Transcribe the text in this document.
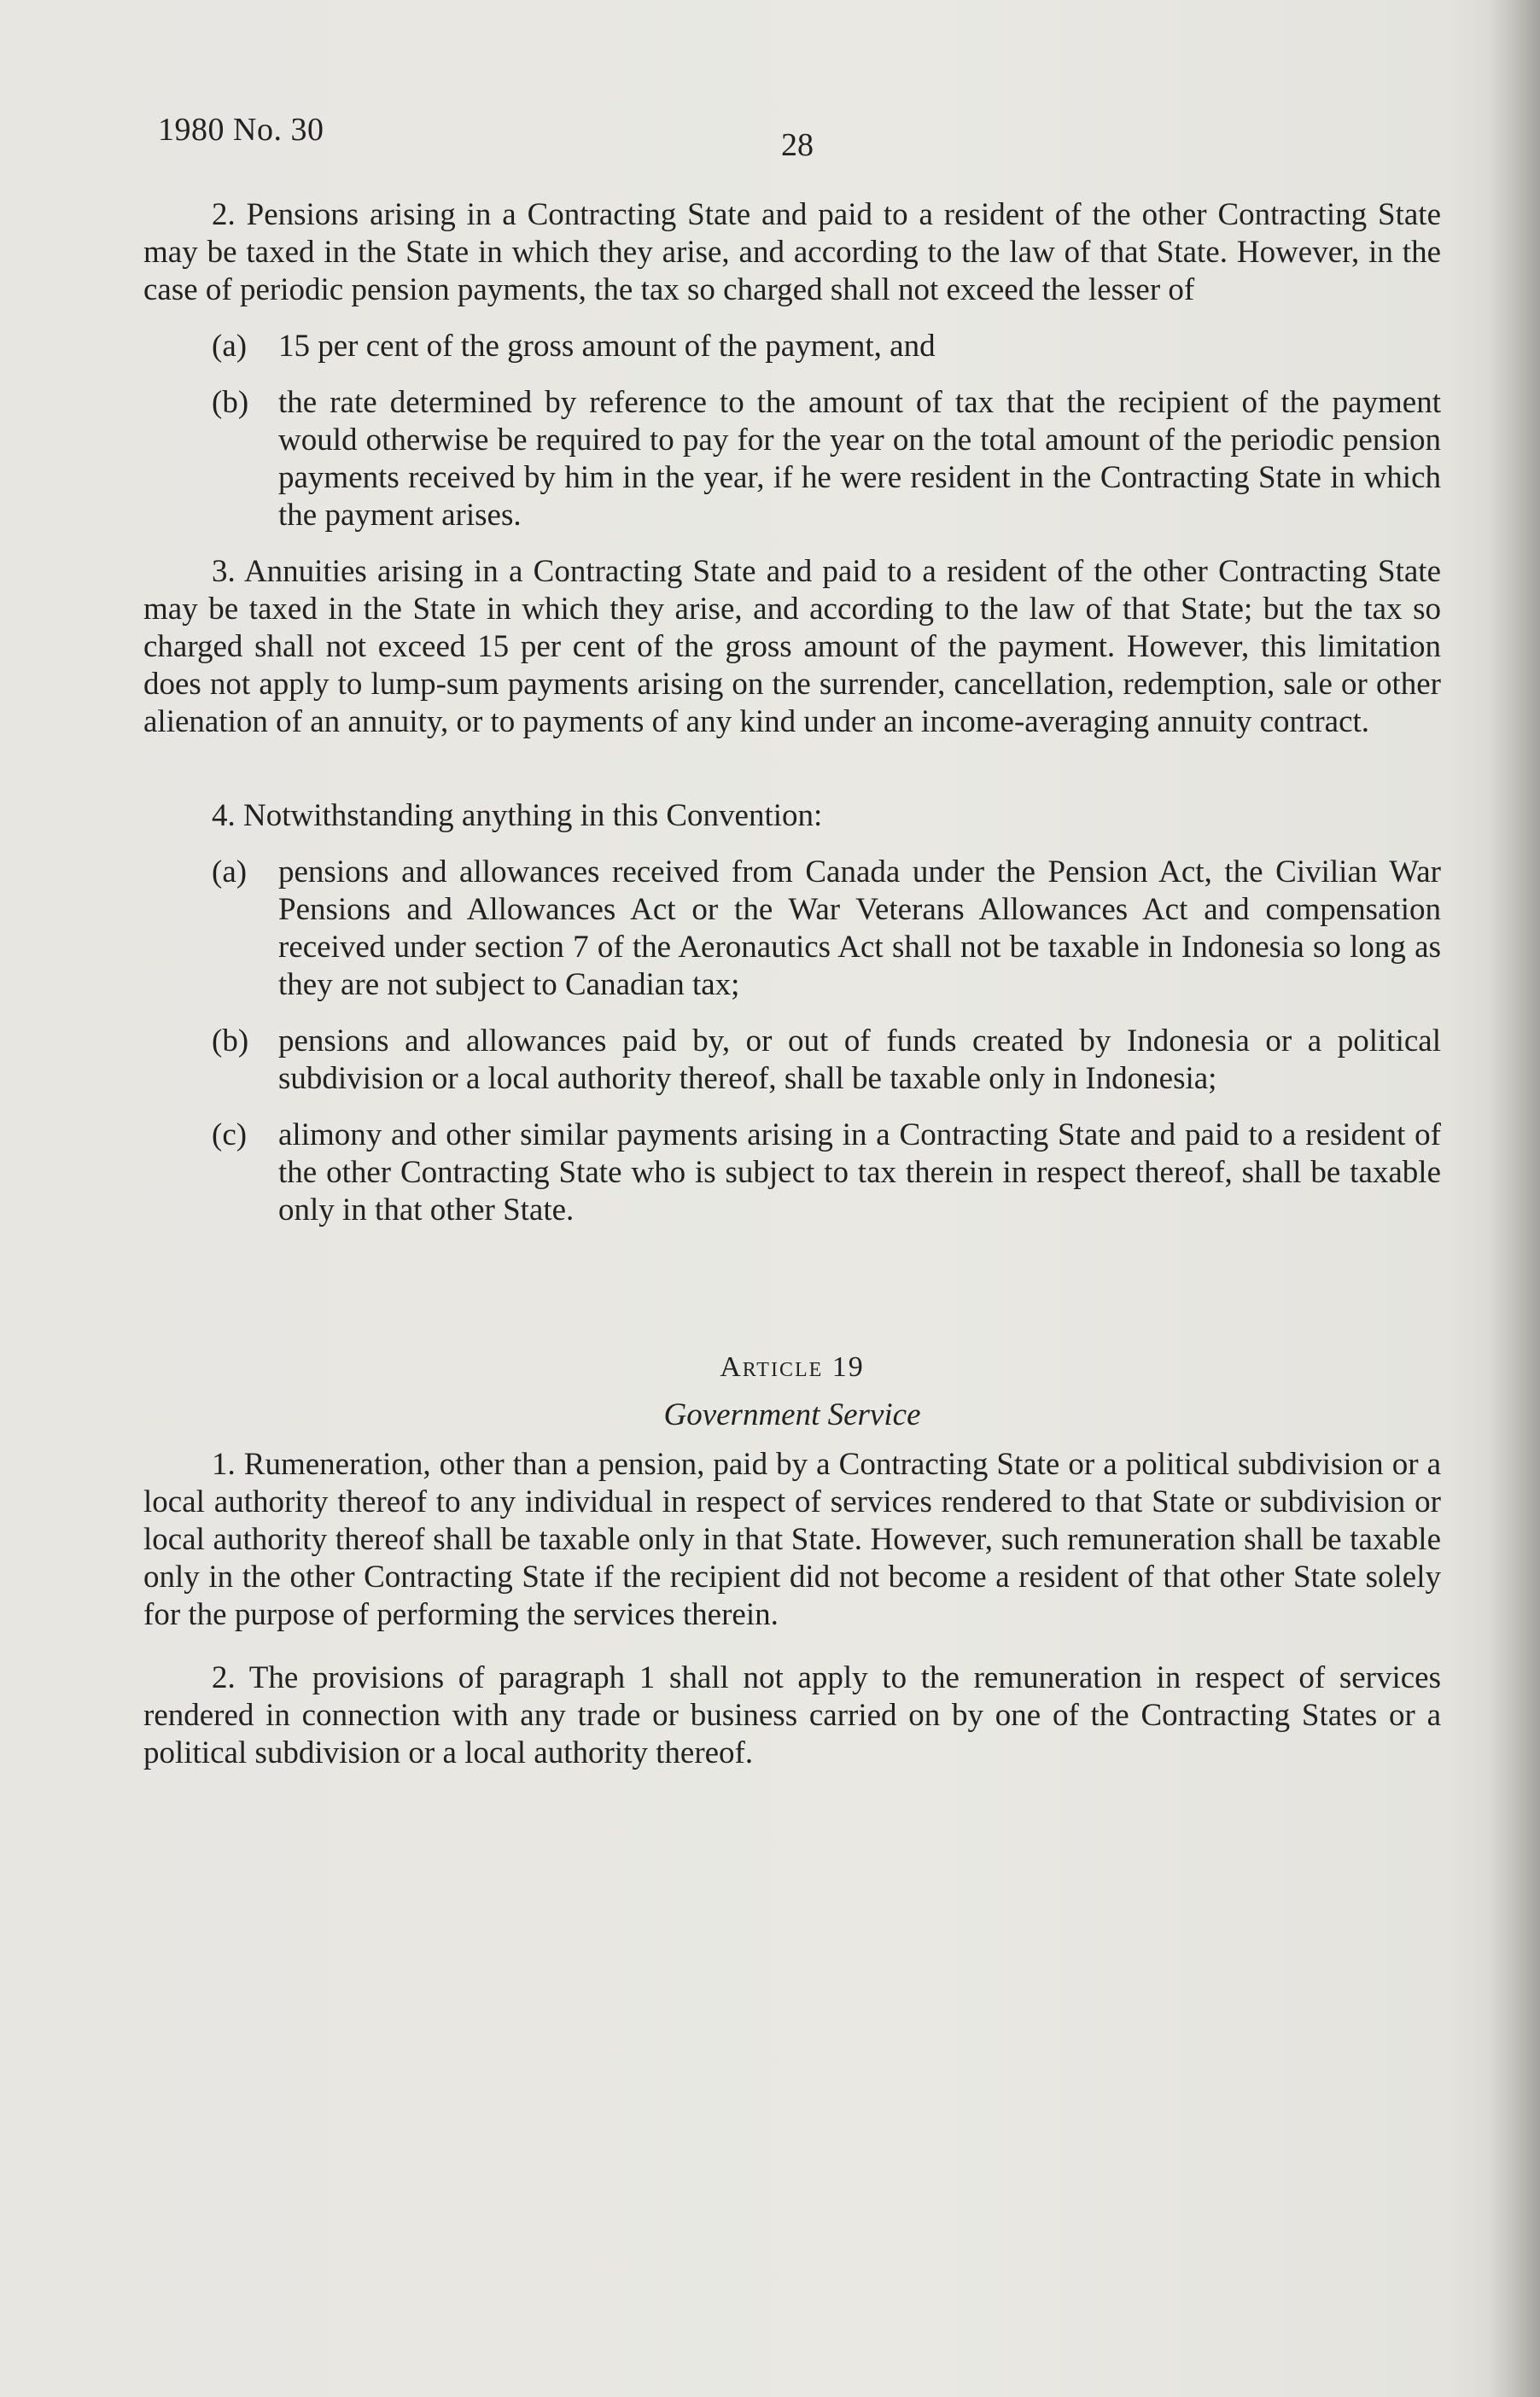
1980 No. 30	28

2. Pensions arising in a Contracting State and paid to a resident of the other Contracting State may be taxed in the State in which they arise, and according to the law of that State. However, in the case of periodic pension payments, the tax so charged shall not exceed the lesser of

(a) 15 per cent of the gross amount of the payment, and
(b) the rate determined by reference to the amount of tax that the recipient of the payment would otherwise be required to pay for the year on the total amount of the periodic pension payments received by him in the year, if he were resident in the Contracting State in which the payment arises.

3. Annuities arising in a Contracting State and paid to a resident of the other Contracting State may be taxed in the State in which they arise, and according to the law of that State; but the tax so charged shall not exceed 15 per cent of the gross amount of the payment. However, this limitation does not apply to lump-sum payments arising on the surrender, cancellation, redemption, sale or other alienation of an annuity, or to payments of any kind under an income-averaging annuity contract.

4. Notwithstanding anything in this Convention:

(a) pensions and allowances received from Canada under the Pension Act, the Civilian War Pensions and Allowances Act or the War Veterans Allowances Act and compensation received under section 7 of the Aeronautics Act shall not be taxable in Indonesia so long as they are not subject to Canadian tax;
(b) pensions and allowances paid by, or out of funds created by Indonesia or a political subdivision or a local authority thereof, shall be taxable only in Indonesia;
(c) alimony and other similar payments arising in a Contracting State and paid to a resident of the other Contracting State who is subject to tax therein in respect thereof, shall be taxable only in that other State.
Article 19
Government Service

1. Rumeneration, other than a pension, paid by a Contracting State or a political subdivision or a local authority thereof to any individual in respect of services rendered to that State or subdivision or local authority thereof shall be taxable only in that State. However, such remuneration shall be taxable only in the other Contracting State if the recipient did not become a resident of that other State solely for the purpose of performing the services therein.

2. The provisions of paragraph 1 shall not apply to the remuneration in respect of services rendered in connection with any trade or business carried on by one of the Contracting States or a political subdivision or a local authority thereof.
